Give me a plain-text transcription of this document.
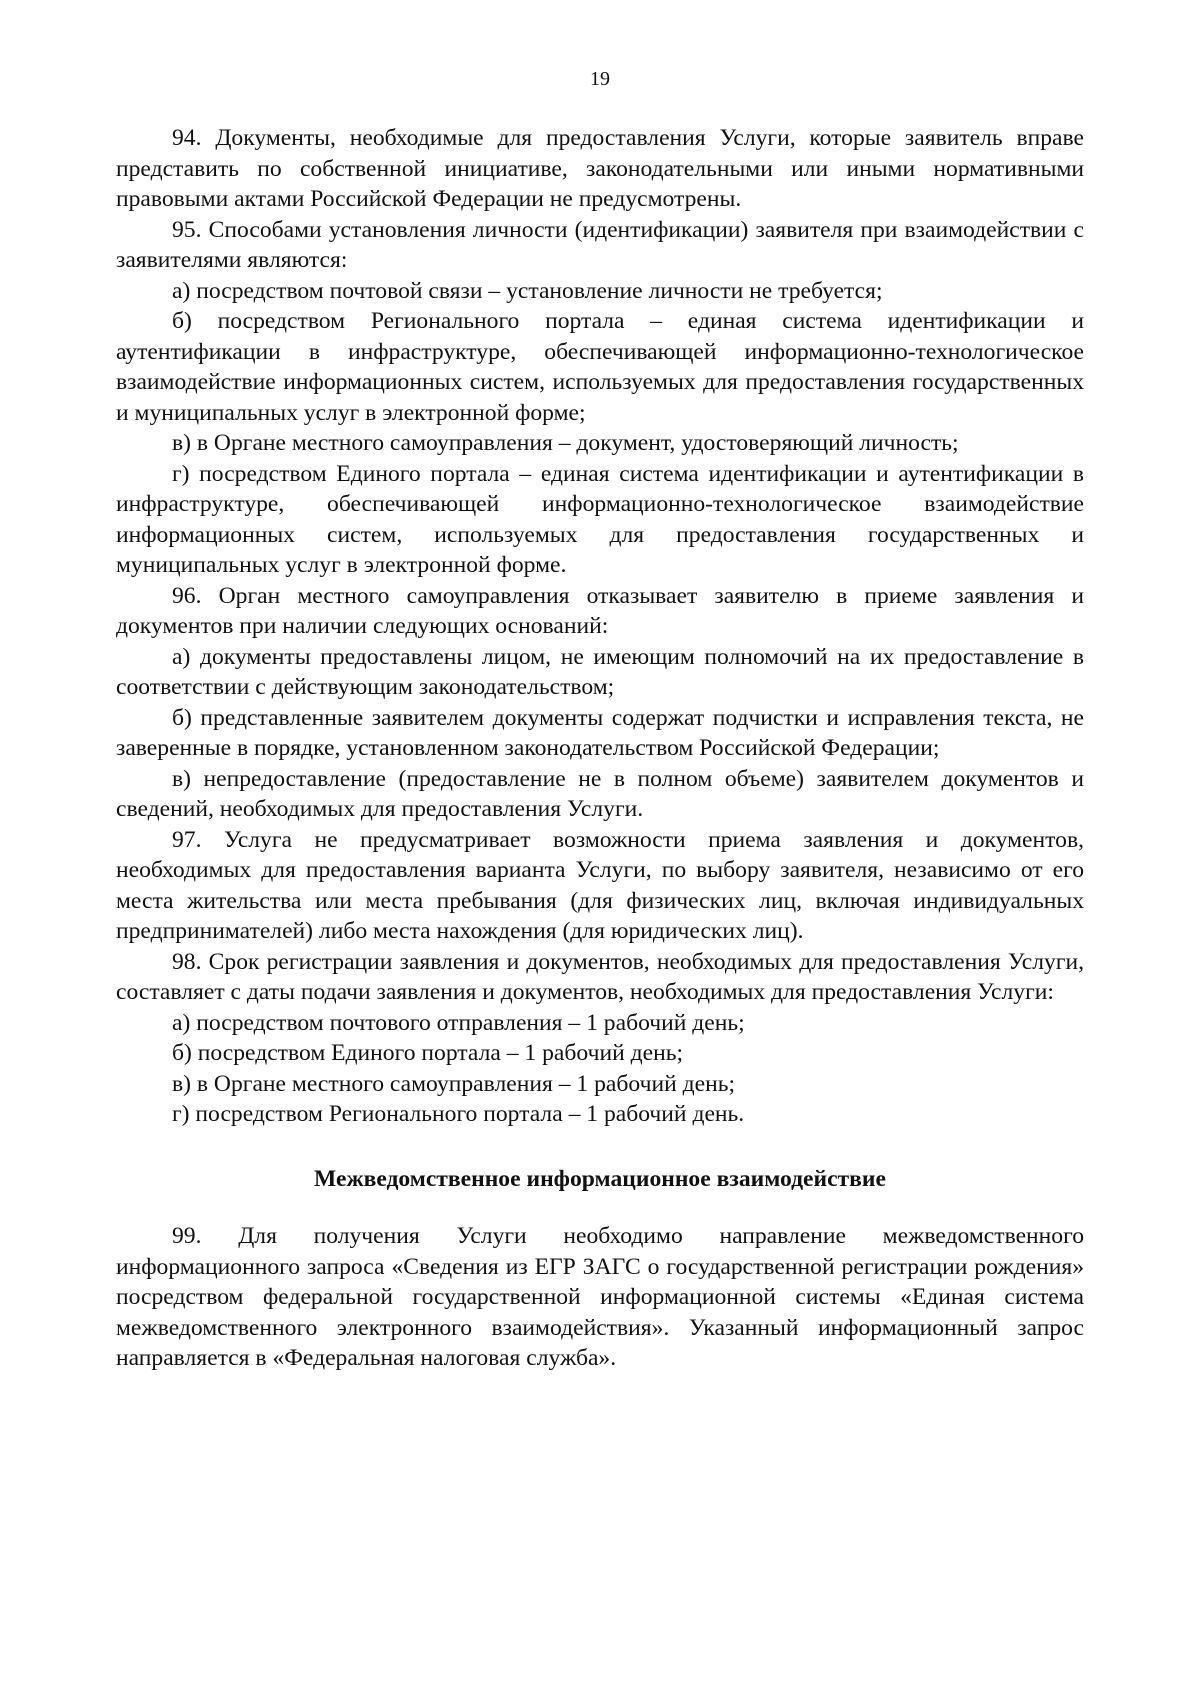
19

94. Документы, необходимые для предоставления Услуги, которые заявитель вправе представить по собственной инициативе, законодательными или иными нормативными правовыми актами Российской Федерации не предусмотрены.

95. Способами установления личности (идентификации) заявителя при взаимодействии с заявителями являются:

а) посредством почтовой связи – установление личности не требуется;

б) посредством Регионального портала – единая система идентификации и аутентификации в инфраструктуре, обеспечивающей информационно-технологическое взаимодействие информационных систем, используемых для предоставления государственных и муниципальных услуг в электронной форме;

в) в Органе местного самоуправления – документ, удостоверяющий личность;

г) посредством Единого портала – единая система идентификации и аутентификации в инфраструктуре, обеспечивающей информационно-технологическое взаимодействие информационных систем, используемых для предоставления государственных и муниципальных услуг в электронной форме.

96. Орган местного самоуправления отказывает заявителю в приеме заявления и документов при наличии следующих оснований:

а) документы предоставлены лицом, не имеющим полномочий на их предоставление в соответствии с действующим законодательством;

б) представленные заявителем документы содержат подчистки и исправления текста, не заверенные в порядке, установленном законодательством Российской Федерации;

в) непредоставление (предоставление не в полном объеме) заявителем документов и сведений, необходимых для предоставления Услуги.

97. Услуга не предусматривает возможности приема заявления и документов, необходимых для предоставления варианта Услуги, по выбору заявителя, независимо от его места жительства или места пребывания (для физических лиц, включая индивидуальных предпринимателей) либо места нахождения (для юридических лиц).

98. Срок регистрации заявления и документов, необходимых для предоставления Услуги, составляет с даты подачи заявления и документов, необходимых для предоставления Услуги:

а) посредством почтового отправления – 1 рабочий день;

б) посредством Единого портала – 1 рабочий день;

в) в Органе местного самоуправления – 1 рабочий день;

г) посредством Регионального портала – 1 рабочий день.

Межведомственное информационное взаимодействие

99. Для получения Услуги необходимо направление межведомственного информационного запроса «Сведения из ЕГР ЗАГС о государственной регистрации рождения» посредством федеральной государственной информационной системы «Единая система межведомственного электронного взаимодействия». Указанный информационный запрос направляется в «Федеральная налоговая служба».
